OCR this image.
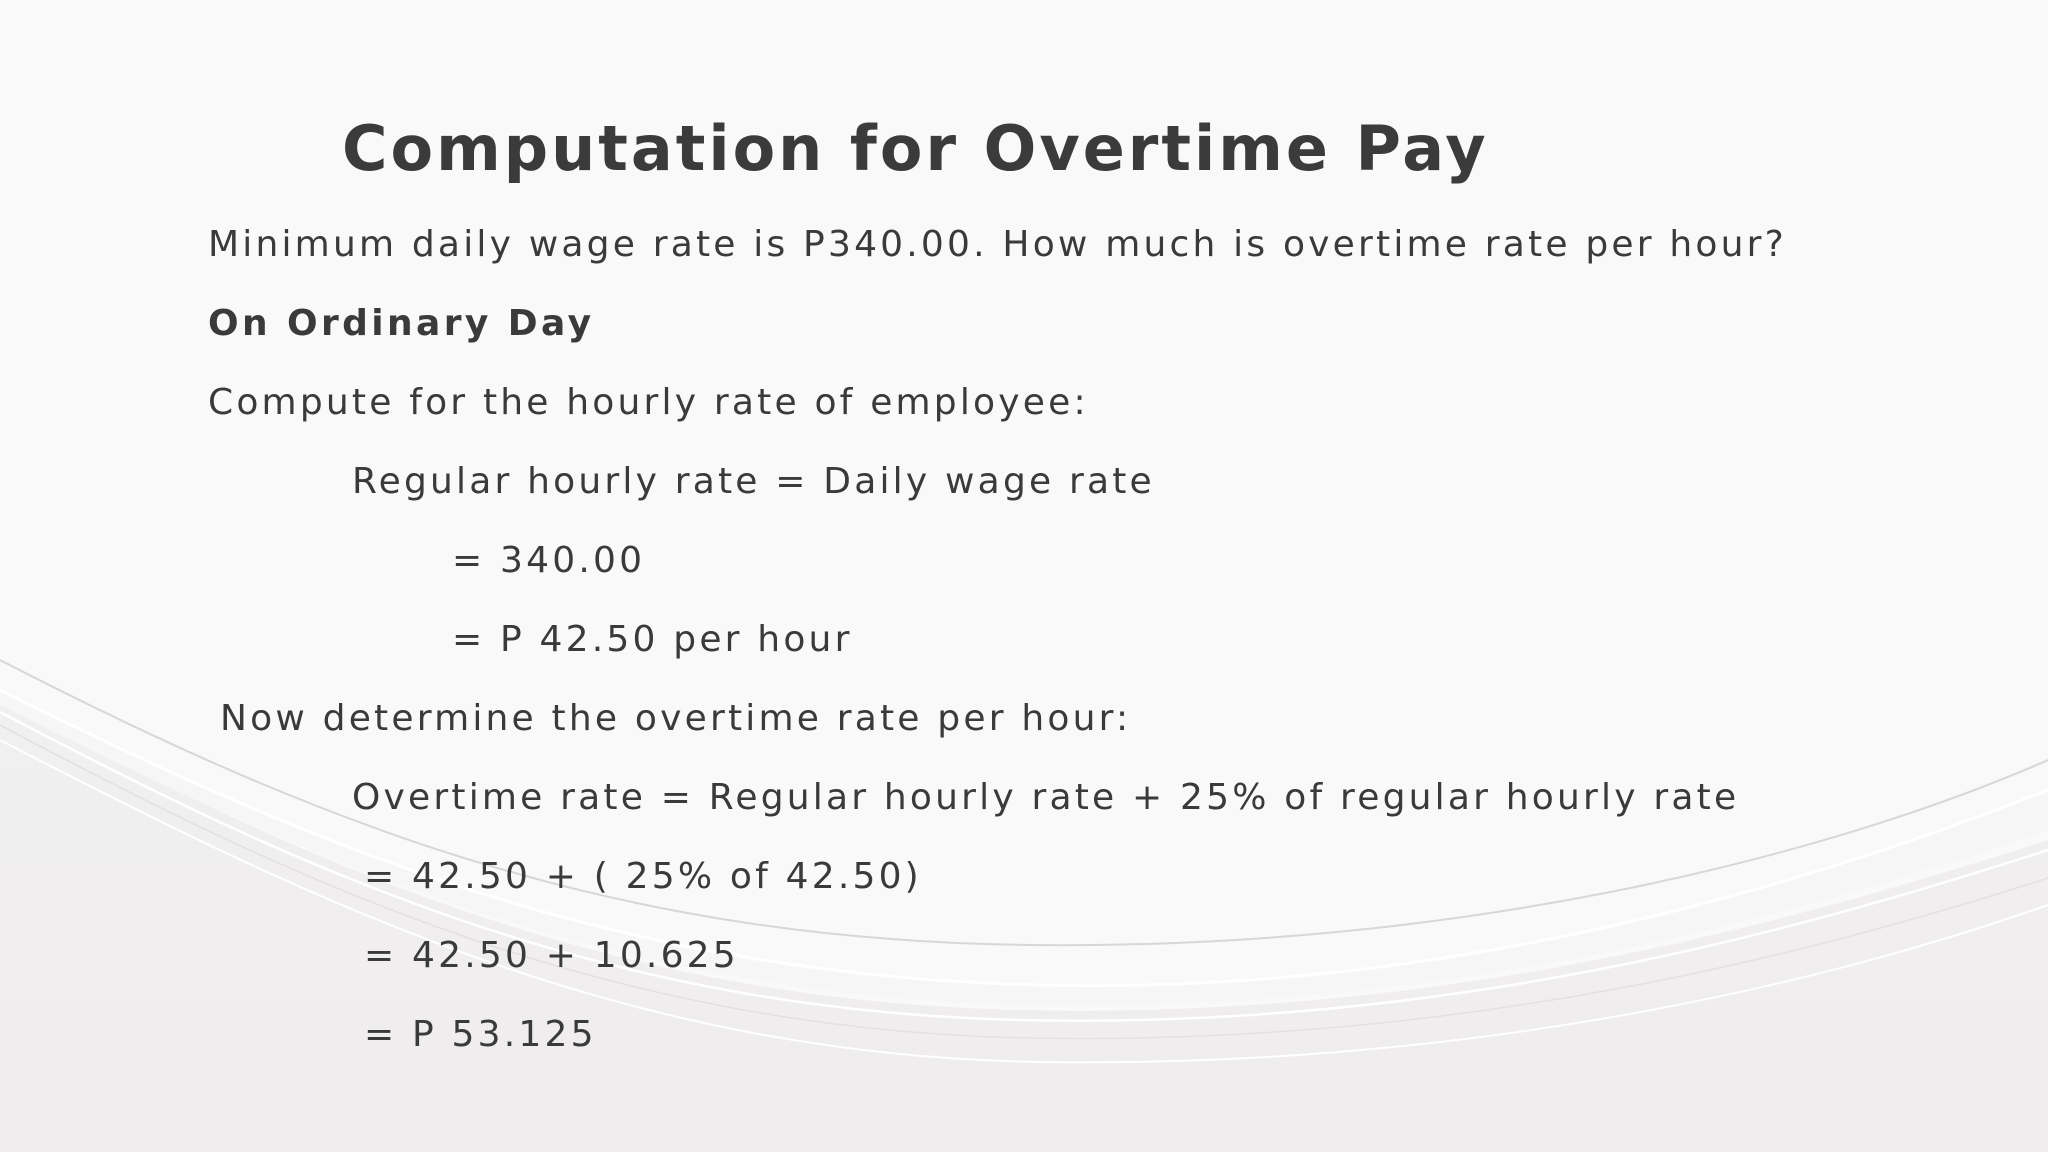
Computation for Overtime Pay
Minimum daily wage rate is P340.00. How much is overtime rate per hour?
On Ordinary Day
Compute for the hourly rate of employee:
Regular hourly rate = Daily wage rate
= 340.00
= P 42.50 per hour
Now determine the overtime rate per hour:
Overtime rate = Regular hourly rate + 25% of regular hourly rate
= 42.50 + ( 25% of 42.50)
= 42.50 + 10.625
= P 53.125
